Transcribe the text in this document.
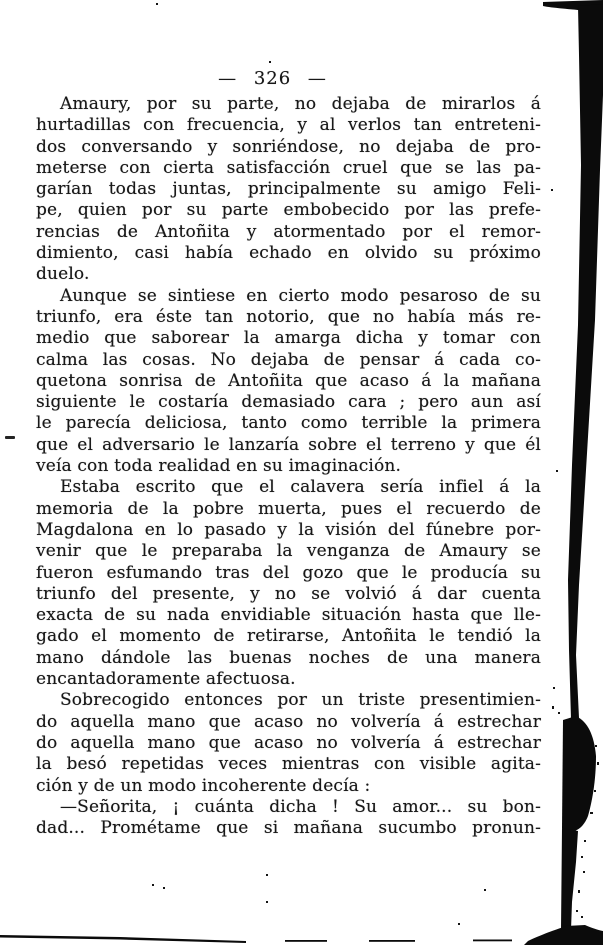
— 326 —
Amaury, por su parte, no dejaba de mirarlos á
hurtadillas con frecuencia, y al verlos tan entreteni-
dos conversando y sonriéndose, no dejaba de pro-
meterse con cierta satisfacción cruel que se las pa-
garían todas juntas, principalmente su amigo Feli-
pe, quien por su parte embobecido por las prefe-
rencias de Antoñita y atormentado por el remor-
dimiento, casi había echado en olvido su próximo
duelo.
Aunque se sintiese en cierto modo pesaroso de su
triunfo, era éste tan notorio, que no había más re-
medio que saborear la amarga dicha y tomar con
calma las cosas. No dejaba de pensar á cada co-
quetona sonrisa de Antoñita que acaso á la mañana
siguiente le costaría demasiado cara ; pero aun así
le parecía deliciosa, tanto como terrible la primera
que el adversario le lanzaría sobre el terreno y que él
veía con toda realidad en su imaginación.
Estaba escrito que el calavera sería infiel á la
memoria de la pobre muerta, pues el recuerdo de
Magdalona en lo pasado y la visión del fúnebre por-
venir que le preparaba la venganza de Amaury se
fueron esfumando tras del gozo que le producía su
triunfo del presente, y no se volvió á dar cuenta
exacta de su nada envidiable situación hasta que lle-
gado el momento de retirarse, Antoñita le tendió la
mano dándole las buenas noches de una manera
encantadoramente afectuosa.
Sobrecogido entonces por un triste presentimien-
do aquella mano que acaso no volvería á estrechar
do aquella mano que acaso no volvería á estrechar
la besó repetidas veces mientras con visible agita-
ción y de un modo incoherente decía :
—Señorita, ¡ cuánta dicha ! Su amor... su bon-
dad... Prométame que si mañana sucumbo pronun-
